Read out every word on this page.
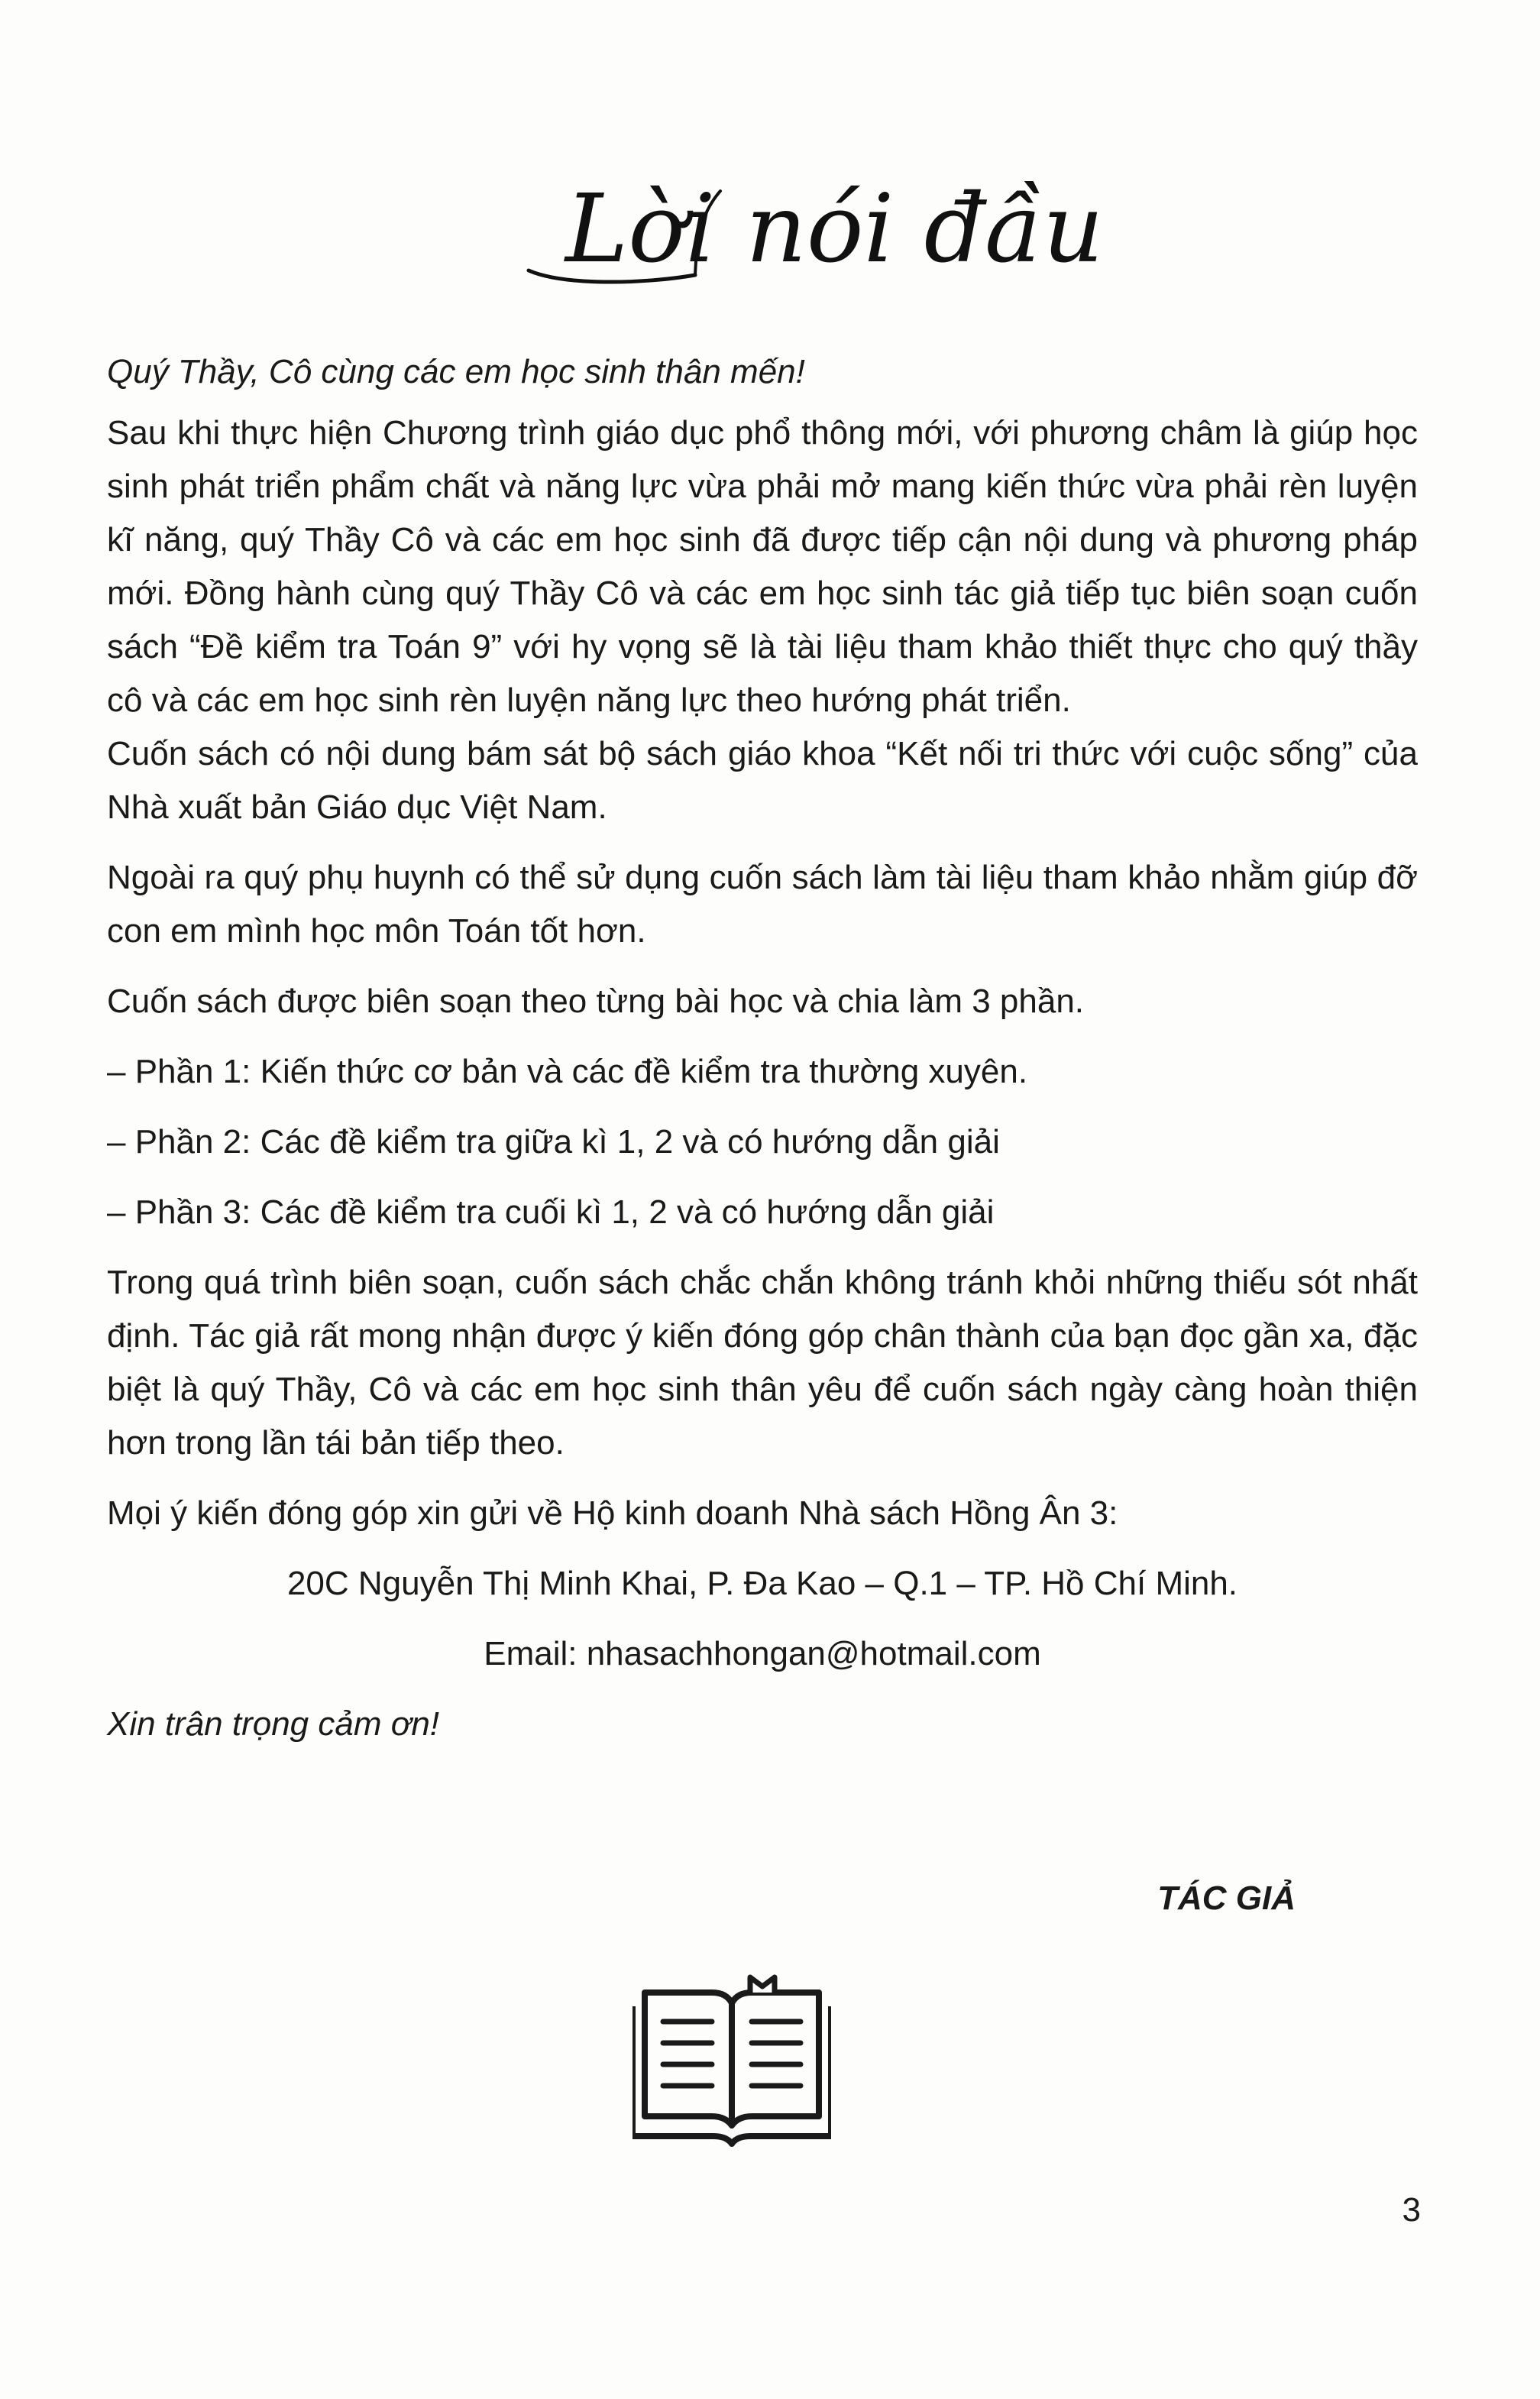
Lời nói đầu

Quý Thầy, Cô cùng các em học sinh thân mến!

Sau khi thực hiện Chương trình giáo dục phổ thông mới, với phương châm là giúp học sinh phát triển phẩm chất và năng lực vừa phải mở mang kiến thức vừa phải rèn luyện kĩ năng, quý Thầy Cô và các em học sinh đã được tiếp cận nội dung và phương pháp mới. Đồng hành cùng quý Thầy Cô và các em học sinh tác giả tiếp tục biên soạn cuốn sách “Đề kiểm tra Toán 9” với hy vọng sẽ là tài liệu tham khảo thiết thực cho quý thầy cô và các em học sinh rèn luyện năng lực theo hướng phát triển.

Cuốn sách có nội dung bám sát bộ sách giáo khoa “Kết nối tri thức với cuộc sống” của Nhà xuất bản Giáo dục Việt Nam.

Ngoài ra quý phụ huynh có thể sử dụng cuốn sách làm tài liệu tham khảo nhằm giúp đỡ con em mình học môn Toán tốt hơn.

Cuốn sách được biên soạn theo từng bài học và chia làm 3 phần.

– Phần 1: Kiến thức cơ bản và các đề kiểm tra thường xuyên.

– Phần 2: Các đề kiểm tra giữa kì 1, 2 và có hướng dẫn giải

– Phần 3: Các đề kiểm tra cuối kì 1, 2 và có hướng dẫn giải

Trong quá trình biên soạn, cuốn sách chắc chắn không tránh khỏi những thiếu sót nhất định. Tác giả rất mong nhận được ý kiến đóng góp chân thành của bạn đọc gần xa, đặc biệt là quý Thầy, Cô và các em học sinh thân yêu để cuốn sách ngày càng hoàn thiện hơn trong lần tái bản tiếp theo.

Mọi ý kiến đóng góp xin gửi về Hộ kinh doanh Nhà sách Hồng Ân 3:

20C Nguyễn Thị Minh Khai, P. Đa Kao – Q.1 – TP. Hồ Chí Minh.

Email: nhasachhongan@hotmail.com

Xin trân trọng cảm ơn!

TÁC GIẢ
3
